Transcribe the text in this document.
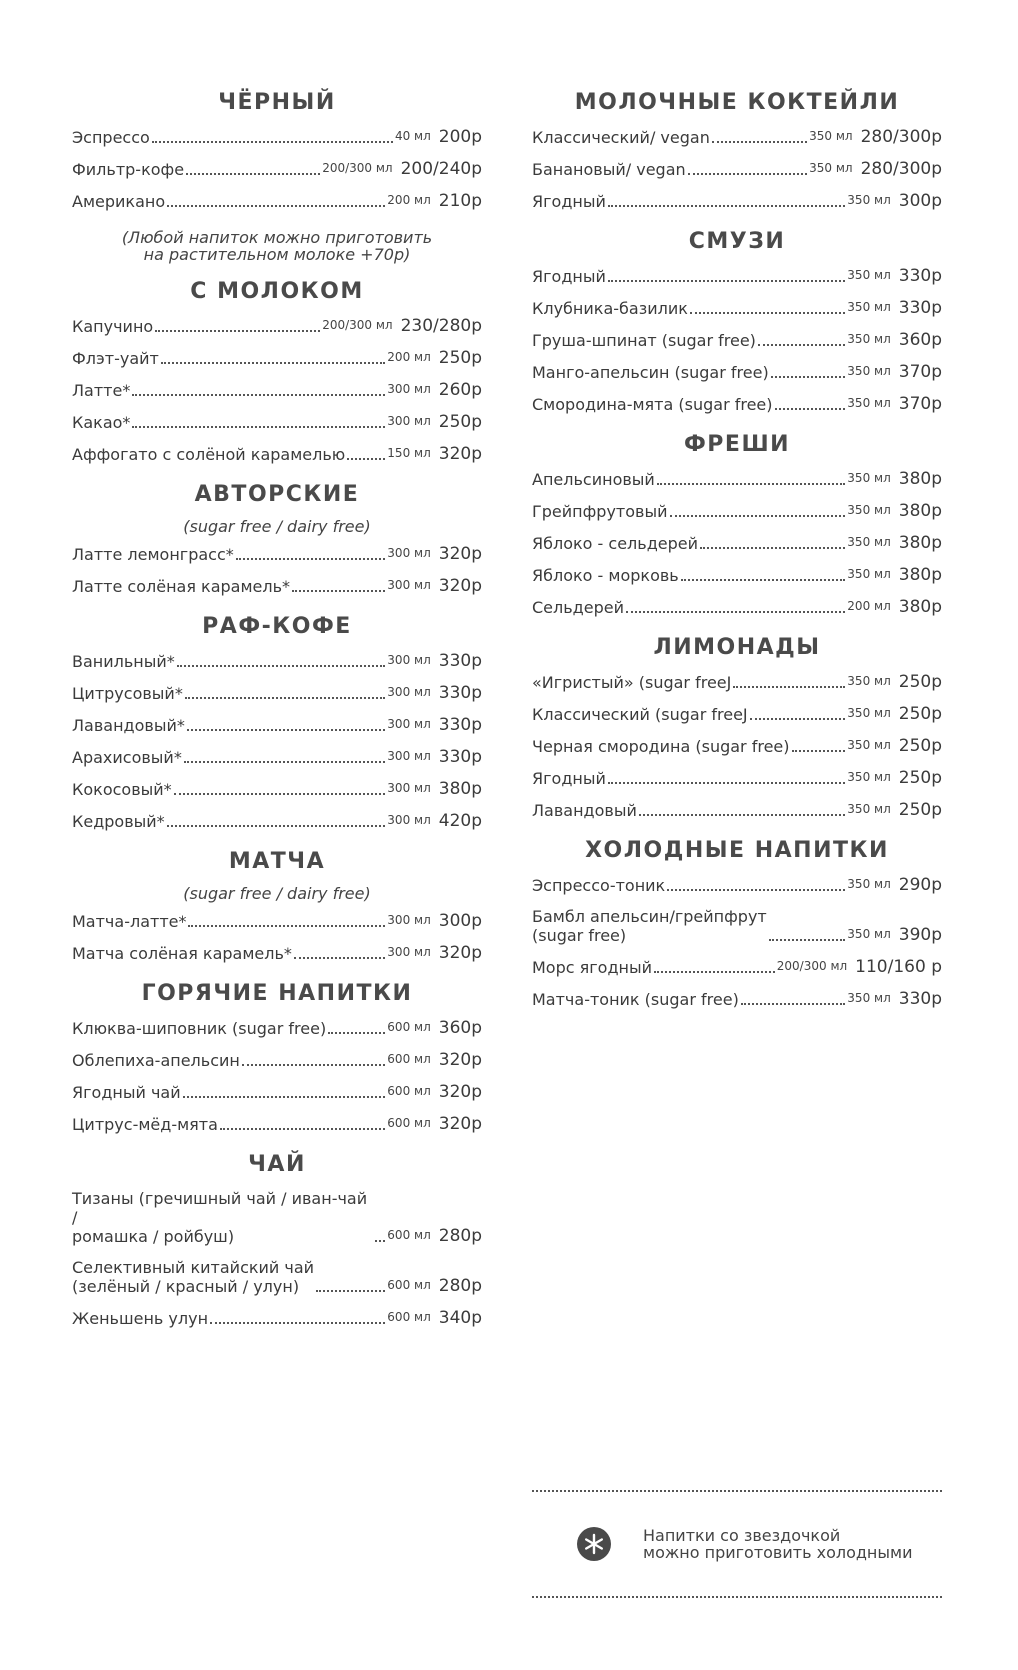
ЧЁРНЫЙ
Эспрессо	40 мл 200р
Фильтр-кофе	200/300 мл 200/240р
Американо	200 мл 210р
(Любой напиток можно приготовить
на растительном молоке +70р)
С МОЛОКОМ
Капучино	200/300 мл 230/280р
Флэт-уайт	200 мл 250р
Латте*	300 мл 260р
Какао*	300 мл 250р
Аффогато с солёной карамелью	150 мл 320р
АВТОРСКИЕ
(sugar free / dairy free)
Латте лемонграсс*	300 мл 320р
Латте солёная карамель*	300 мл 320р
РАФ-КОФЕ
Ванильный*	300 мл 330р
Цитрусовый*	300 мл 330р
Лавандовый*	300 мл 330р
Арахисовый*	300 мл 330р
Кокосовый*	300 мл 380р
Кедровый*	300 мл 420р
МАТЧА
(sugar free / dairy free)
Матча-латте*	300 мл 300р
Матча солёная карамель*	300 мл 320р
ГОРЯЧИЕ НАПИТКИ
Клюква-шиповник (sugar free)	600 мл 360р
Облепиха-апельсин	600 мл 320р
Ягодный чай	600 мл 320р
Цитрус-мёд-мята	600 мл 320р
ЧАЙ
Тизаны (гречишный чай / иван-чай /
ромашка / ройбуш)	600 мл 280р
Селективный китайский чай
(зелёный / красный / улун)	600 мл 280р
Женьшень улун	600 мл 340р
МОЛОЧНЫЕ КОКТЕЙЛИ
Классический/ vegan	350 мл 280/300р
Банановый/ vegan	350 мл 280/300р
Ягодный	350 мл 300р
СМУЗИ
Ягодный	350 мл 330р
Клубника-базилик	350 мл 330р
Груша-шпинат (sugar free)	350 мл 360р
Манго-апельсин (sugar free)	350 мл 370р
Смородина-мята (sugar free)	350 мл 370р
ФРЕШИ
Апельсиновый	350 мл 380р
Грейпфрутовый	350 мл 380р
Яблоко - сельдерей	350 мл 380р
Яблоко - морковь	350 мл 380р
Сельдерей	200 мл 380р
ЛИМОНАДЫ
«Игристый» (sugar freeJ	350 мл 250р
Классический (sugar freeJ	350 мл 250р
Черная смородина (sugar free)	350 мл 250р
Ягодный	350 мл 250р
Лавандовый	350 мл 250р
ХОЛОДНЫЕ НАПИТКИ
Эспрессо-тоник	350 мл 290р
Бамбл апельсин/грейпфрут
(sugar free)	350 мл 390р
Морс ягодный	200/300 мл 110/160 р
Матча-тоник (sugar free)	350 мл 330р
Напитки со звездочкой
можно приготовить холодными
